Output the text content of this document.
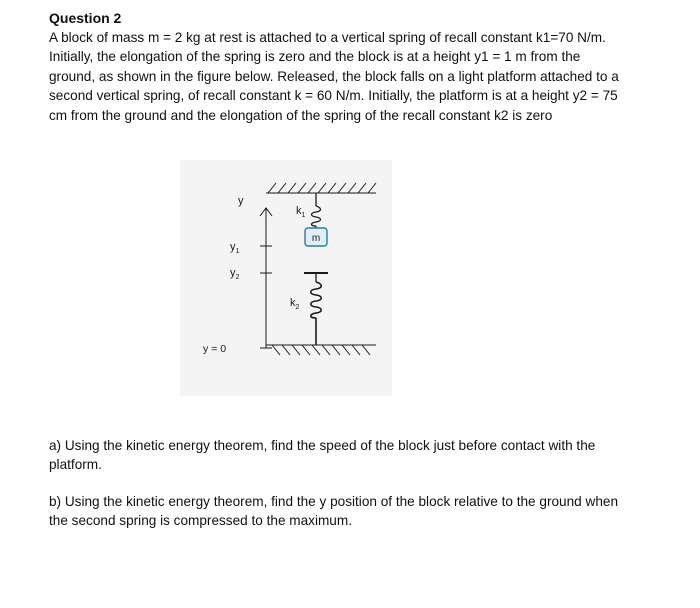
Question 2
A block of mass m = 2 kg at rest is attached to a vertical spring of recall constant k1=70 N/m.
Initially, the elongation of the spring is zero and the block is at a height y1 = 1 m from the
ground, as shown in the figure below. Released, the block falls on a light platform attached to a
second vertical spring, of recall constant k = 60 N/m. Initially, the platform is at a height y2 = 75
cm from the ground and the elongation of the spring of the recall constant k2 is zero
$k_1$
m
$k_2$
y
$y_1$
$y_2$
y = 0
a) Using the kinetic energy theorem, find the speed of the block just before contact with the
platform.
b) Using the kinetic energy theorem, find the y position of the block relative to the ground when
the second spring is compressed to the maximum.
